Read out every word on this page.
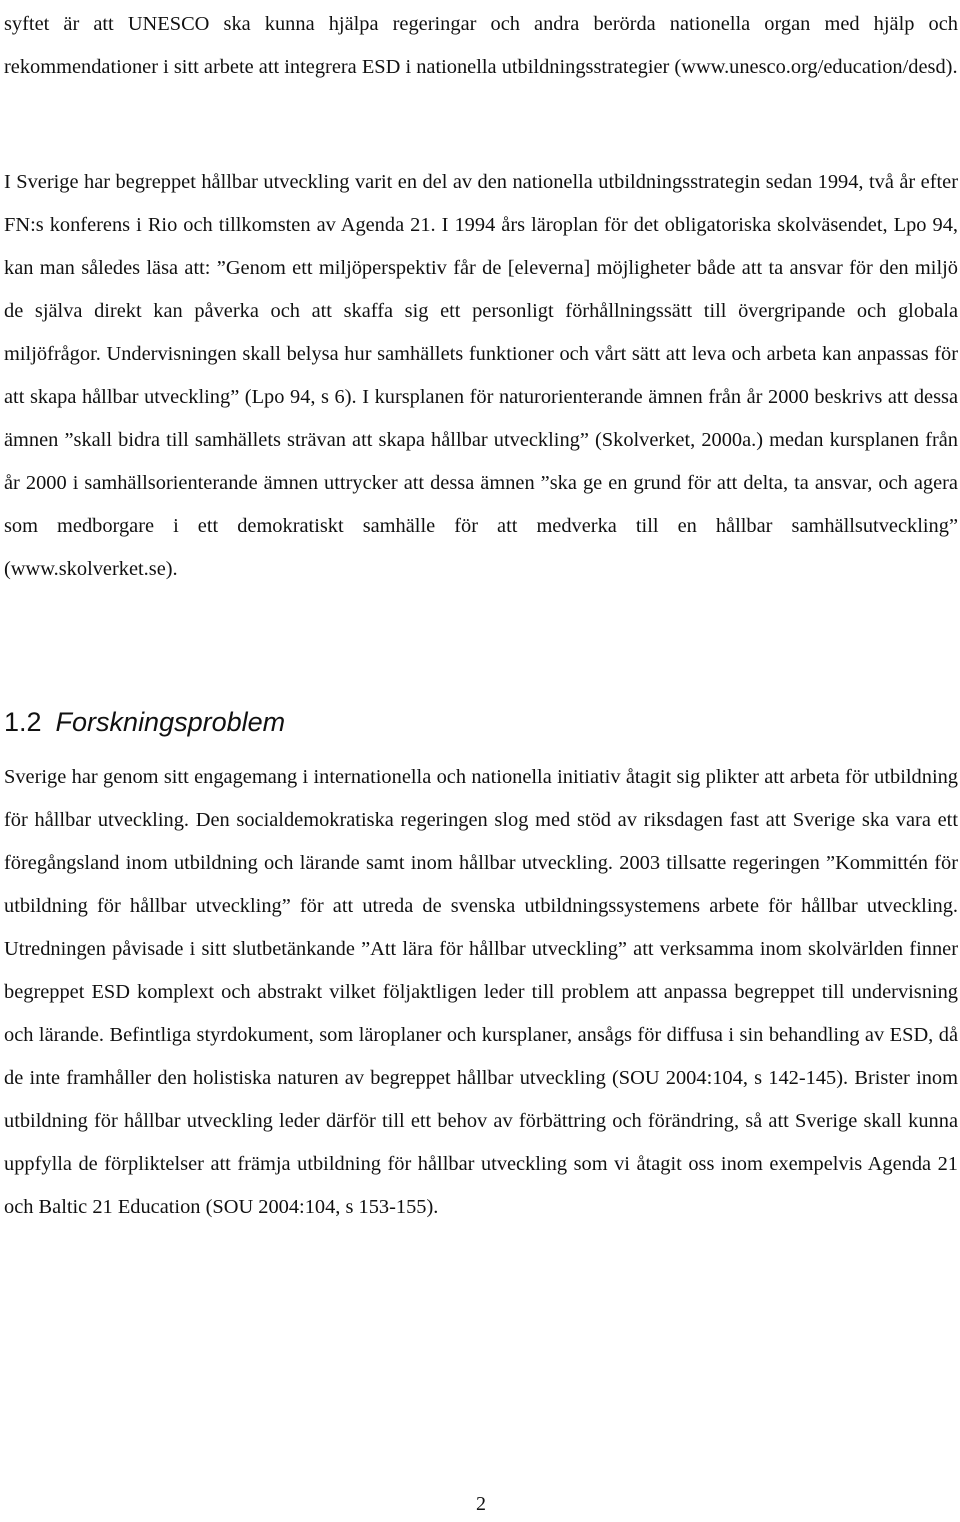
syftet är att UNESCO ska kunna hjälpa regeringar och andra berörda nationella organ med hjälp och rekommendationer i sitt arbete att integrera ESD i nationella utbildningsstrategier (www.unesco.org/education/desd).

I Sverige har begreppet hållbar utveckling varit en del av den nationella utbildningsstrategin sedan 1994, två år efter FN:s konferens i Rio och tillkomsten av Agenda 21. I 1994 års läroplan för det obligatoriska skolväsendet, Lpo 94, kan man således läsa att: ”Genom ett miljöperspektiv får de [eleverna] möjligheter både att ta ansvar för den miljö de själva direkt kan påverka och att skaffa sig ett personligt förhållningssätt till övergripande och globala miljöfrågor. Undervisningen skall belysa hur samhällets funktioner och vårt sätt att leva och arbeta kan anpassas för att skapa hållbar utveckling” (Lpo 94, s 6). I kursplanen för naturorienterande ämnen från år 2000 beskrivs att dessa ämnen ”skall bidra till samhällets strävan att skapa hållbar utveckling” (Skolverket, 2000a.) medan kursplanen från år 2000 i samhällsorienterande ämnen uttrycker att dessa ämnen ”ska ge en grund för att delta, ta ansvar, och agera som medborgare i ett demokratiskt samhälle för att medverka till en hållbar samhällsutveckling” (www.skolverket.se).

1.2 Forskningsproblem

Sverige har genom sitt engagemang i internationella och nationella initiativ åtagit sig plikter att arbeta för utbildning för hållbar utveckling. Den socialdemokratiska regeringen slog med stöd av riksdagen fast att Sverige ska vara ett föregångsland inom utbildning och lärande samt inom hållbar utveckling. 2003 tillsatte regeringen ”Kommittén för utbildning för hållbar utveckling” för att utreda de svenska utbildningssystemens arbete för hållbar utveckling. Utredningen påvisade i sitt slutbetänkande ”Att lära för hållbar utveckling” att verksamma inom skolvärlden finner begreppet ESD komplext och abstrakt vilket följaktligen leder till problem att anpassa begreppet till undervisning och lärande. Befintliga styrdokument, som läroplaner och kursplaner, ansågs för diffusa i sin behandling av ESD, då de inte framhåller den holistiska naturen av begreppet hållbar utveckling (SOU 2004:104, s 142-145). Brister inom utbildning för hållbar utveckling leder därför till ett behov av förbättring och förändring, så att Sverige skall kunna uppfylla de förpliktelser att främja utbildning för hållbar utveckling som vi åtagit oss inom exempelvis Agenda 21 och Baltic 21 Education (SOU 2004:104, s 153-155).

2
